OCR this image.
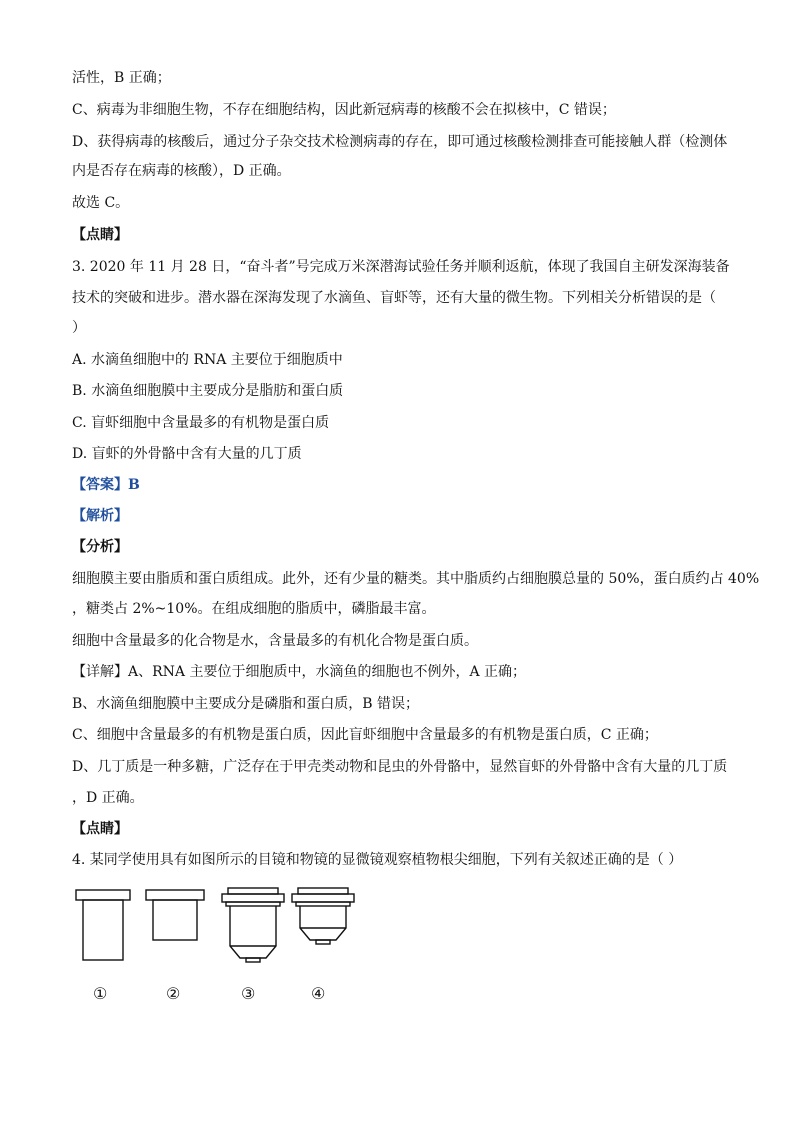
活性，B 正确；
C、病毒为非细胞生物，不存在细胞结构，因此新冠病毒的核酸不会在拟核中，C 错误；
D、获得病毒的核酸后，通过分子杂交技术检测病毒的存在，即可通过核酸检测排查可能接触人群（检测体
内是否存在病毒的核酸），D 正确。
故选 C。
【点睛】
3. 2020 年 11 月 28 日，“奋斗者”号完成万米深潜海试验任务并顺利返航，体现了我国自主研发深海装备
技术的突破和进步。潜水器在深海发现了水滴鱼、盲虾等，还有大量的微生物。下列相关分析错误的是（
）
A. 水滴鱼细胞中的 RNA 主要位于细胞质中
B. 水滴鱼细胞膜中主要成分是脂肪和蛋白质
C. 盲虾细胞中含量最多的有机物是蛋白质
D. 盲虾的外骨骼中含有大量的几丁质
【答案】B
【解析】
【分析】
细胞膜主要由脂质和蛋白质组成。此外，还有少量的糖类。其中脂质约占细胞膜总量的 50%，蛋白质约占 40%
，糖类占 2%~10%。在组成细胞的脂质中，磷脂最丰富。
细胞中含量最多的化合物是水，含量最多的有机化合物是蛋白质。
【详解】A、RNA 主要位于细胞质中，水滴鱼的细胞也不例外，A 正确；
B、水滴鱼细胞膜中主要成分是磷脂和蛋白质，B 错误；
C、细胞中含量最多的有机物是蛋白质，因此盲虾细胞中含量最多的有机物是蛋白质，C 正确；
D、几丁质是一种多糖，广泛存在于甲壳类动物和昆虫的外骨骼中，显然盲虾的外骨骼中含有大量的几丁质
，D 正确。
【点睛】
4. 某同学使用具有如图所示的目镜和物镜的显微镜观察植物根尖细胞，下列有关叙述正确的是（ ）
①	②	③	④
